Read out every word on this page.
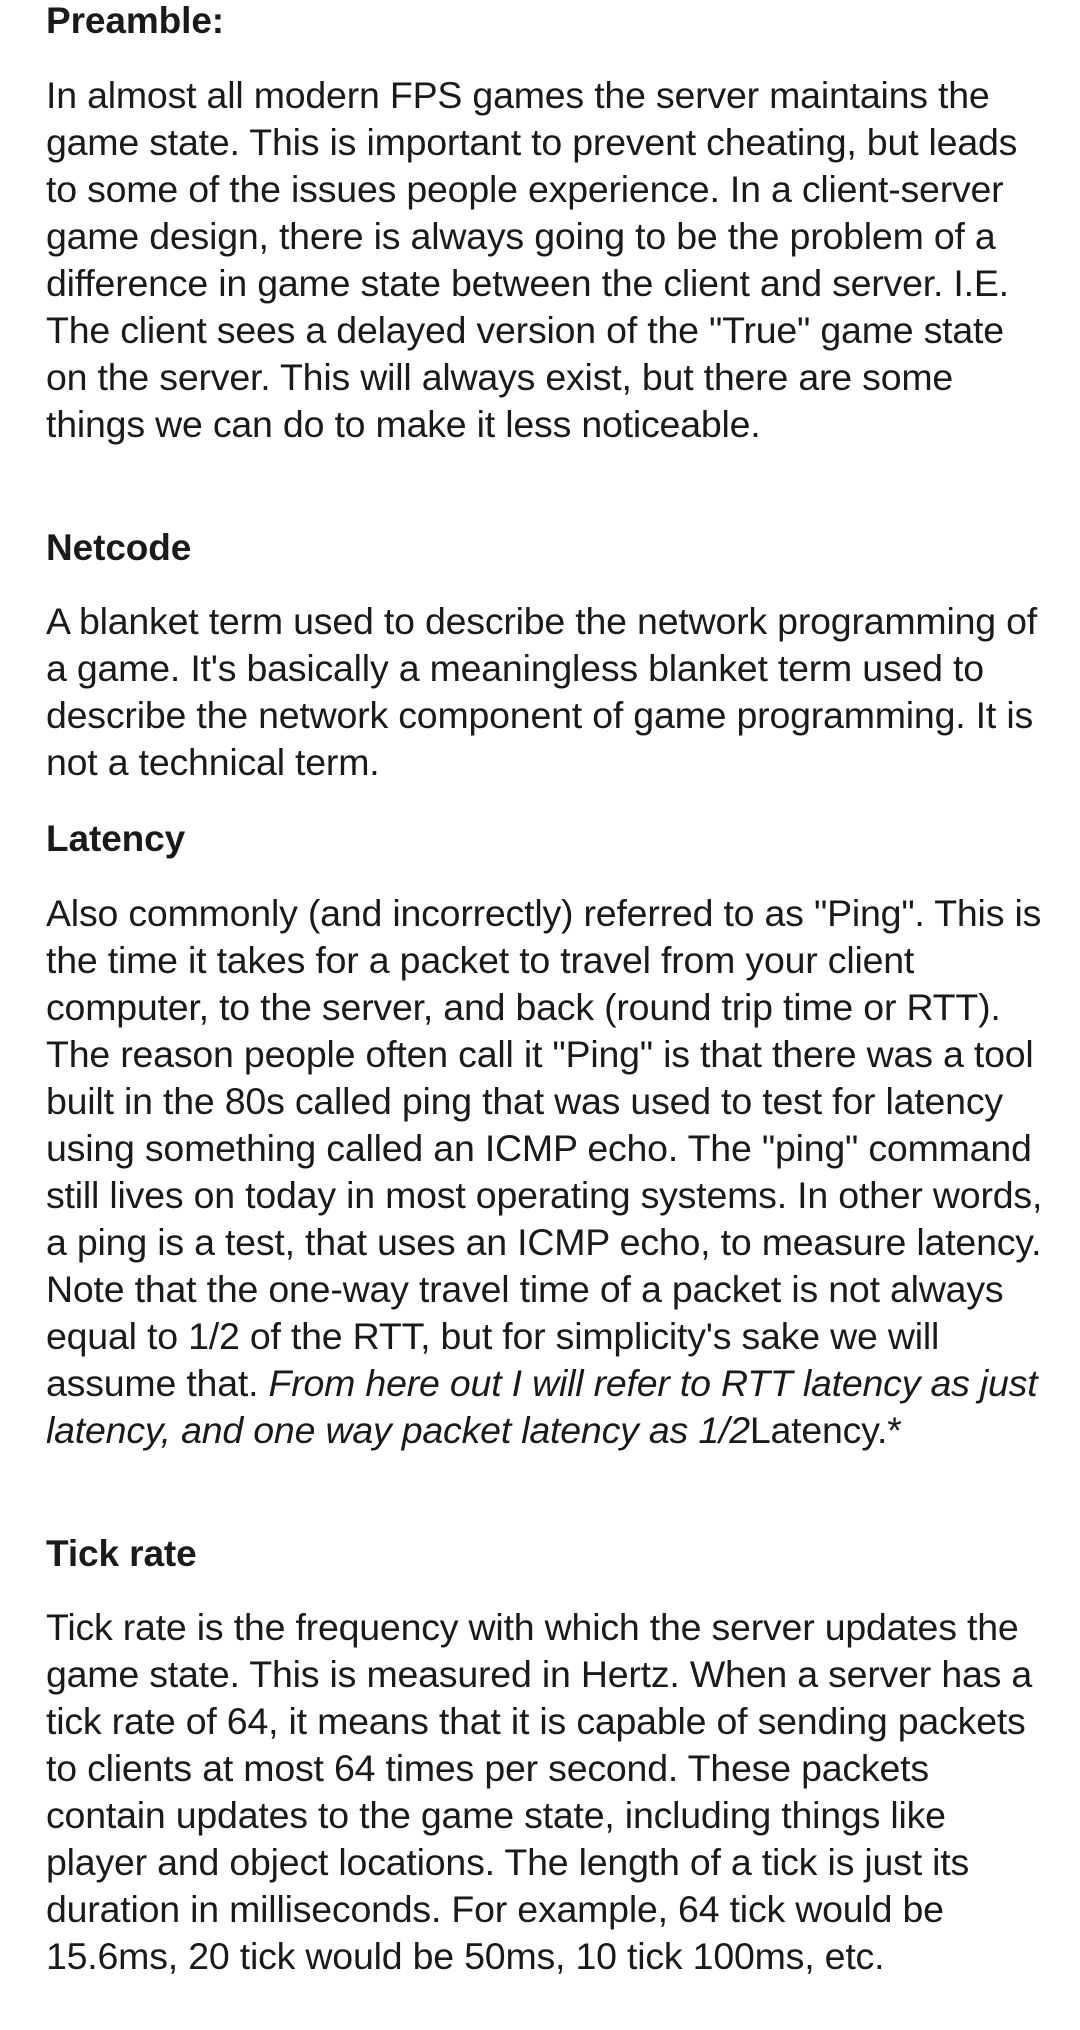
Preamble:

In almost all modern FPS games the server maintains the game state. This is important to prevent cheating, but leads to some of the issues people experience. In a client-server game design, there is always going to be the problem of a difference in game state between the client and server. I.E. The client sees a delayed version of the "True" game state on the server. This will always exist, but there are some things we can do to make it less noticeable.

Netcode

A blanket term used to describe the network programming of a game. It's basically a meaningless blanket term used to describe the network component of game programming. It is not a technical term.

Latency

Also commonly (and incorrectly) referred to as "Ping". This is the time it takes for a packet to travel from your client computer, to the server, and back (round trip time or RTT). The reason people often call it "Ping" is that there was a tool built in the 80s called ping that was used to test for latency using something called an ICMP echo. The "ping" command still lives on today in most operating systems. In other words, a ping is a test, that uses an ICMP echo, to measure latency. Note that the one-way travel time of a packet is not always equal to 1/2 of the RTT, but for simplicity's sake we will assume that. From here out I will refer to RTT latency as just latency, and one way packet latency as 1/2Latency.*

Tick rate

Tick rate is the frequency with which the server updates the game state. This is measured in Hertz. When a server has a tick rate of 64, it means that it is capable of sending packets to clients at most 64 times per second. These packets contain updates to the game state, including things like player and object locations. The length of a tick is just its duration in milliseconds. For example, 64 tick would be 15.6ms, 20 tick would be 50ms, 10 tick 100ms, etc.
